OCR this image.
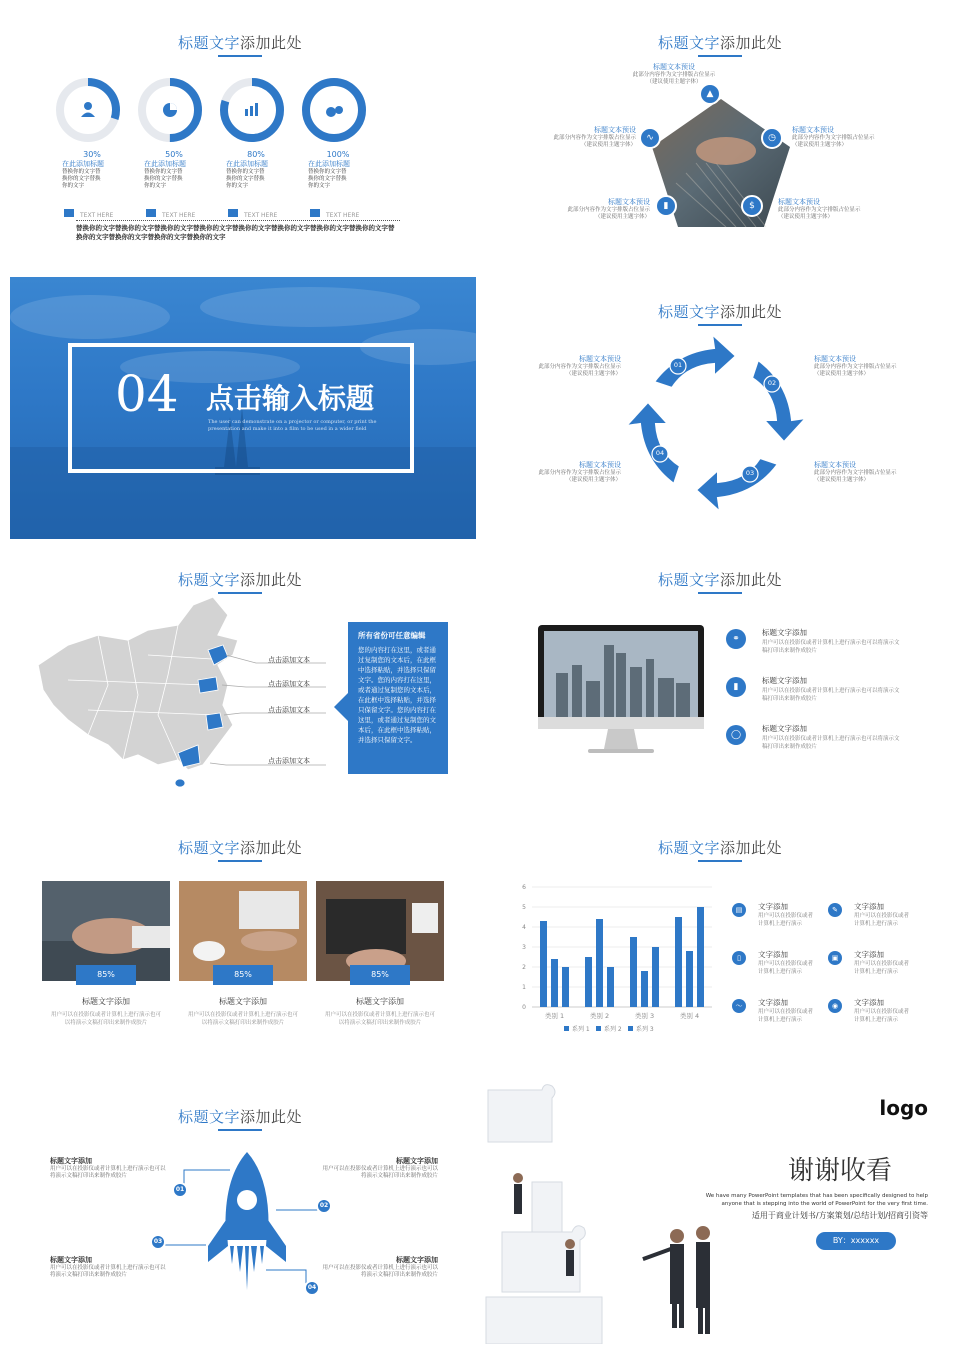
标题文字添加此处
30%
在此添加标题
替换你的文字替换你的文字替换你的文字
TEXT HERE
50%
在此添加标题
替换你的文字替换你的文字替换你的文字
TEXT HERE
80%
在此添加标题
替换你的文字替换你的文字替换你的文字
TEXT HERE
100%
在此添加标题
替换你的文字替换你的文字替换你的文字
TEXT HERE
替换你的文字替换你的文字替换你的文字替换你的文字替换你的文字替换你的文字替换你的文字替换你的文字替换你的文字替换你的文字替换你的文字替换你的文字
标题文字添加此处
▲
∿	◷
▮	$
标题文本预设
此部分内容作为文字排版占位显示
（建议使用主题字体）
标题文本预设
此部分内容作为文字排版占位显示
（建议使用主题字体）
标题文本预设
此部分内容作为文字排版占位显示
（建议使用主题字体）
标题文本预设
此部分内容作为文字排版占位显示
（建议使用主题字体）
标题文本预设
此部分内容作为文字排版占位显示
（建议使用主题字体）
04 点击输入标题
The user can demonstrate on a projector or computer, or print the presentation and make it into a film to be used in a wider field
标题文字添加此处
01
02
03
04
标题文本预设
此部分内容作为文字排版占位显示
（建议使用主题字体）
标题文本预设
此部分内容作为文字排版占位显示
（建议使用主题字体）
标题文本预设
此部分内容作为文字排版占位显示
（建议使用主题字体）
标题文本预设
此部分内容作为文字排版占位显示
（建议使用主题字体）
标题文字添加此处
点击添加文本
点击添加文本
点击添加文本
点击添加文本
所有省份可任意编辑
您的内容打在这里，或者通过复制您的文本后，在此框中选择粘贴，并选择只保留文字。您的内容打在这里，或者通过复制您的文本后，在此框中选择粘贴，并选择只保留文字。您的内容打在这里，或者通过复制您的文本后，在此框中选择粘贴，并选择只保留文字。
标题文字添加此处
⚭
标题文字添加
用户可以在投影仪或者计算机上进行演示也可以将演示文稿打印出来制作成胶片
▮
标题文字添加
用户可以在投影仪或者计算机上进行演示也可以将演示文稿打印出来制作成胶片
◯
标题文字添加
用户可以在投影仪或者计算机上进行演示也可以将演示文稿打印出来制作成胶片
标题文字添加此处
85%
标题文字添加
用户可以在投影仪或者计算机上进行演示也可以将演示文稿打印出来制作成胶片
85%
标题文字添加
用户可以在投影仪或者计算机上进行演示也可以将演示文稿打印出来制作成胶片
85%
标题文字添加
用户可以在投影仪或者计算机上进行演示也可以将演示文稿打印出来制作成胶片
标题文字添加此处
0
1
2
3
4
5
6
类别 1	类别 2	类别 3	类别 4
系列 1 系列 2 系列 3
▤	文字添加
用户可以在投影仪或者计算机上进行演示
✎	文字添加
用户可以在投影仪或者计算机上进行演示
▯	文字添加
用户可以在投影仪或者计算机上进行演示
▣	文字添加
用户可以在投影仪或者计算机上进行演示
〜	文字添加
用户可以在投影仪或者计算机上进行演示
◉	文字添加
用户可以在投影仪或者计算机上进行演示
标题文字添加此处
01
02
03
04
标题文字添加
用户可以在投影仪或者计算机上进行演示也可以将演示文稿打印出来制作成胶片
标题文字添加
用户可以在投影仪或者计算机上进行演示也可以将演示文稿打印出来制作成胶片
标题文字添加
用户可以在投影仪或者计算机上进行演示也可以将演示文稿打印出来制作成胶片
标题文字添加
用户可以在投影仪或者计算机上进行演示也可以将演示文稿打印出来制作成胶片
logo
谢谢收看
We have many PowerPoint templates that has been specifically designed to help anyone that is stepping into the world of PowerPoint for the very first time.
适用于商业计划书/方案策划/总结计划/招商引资等
BY：xxxxxx
